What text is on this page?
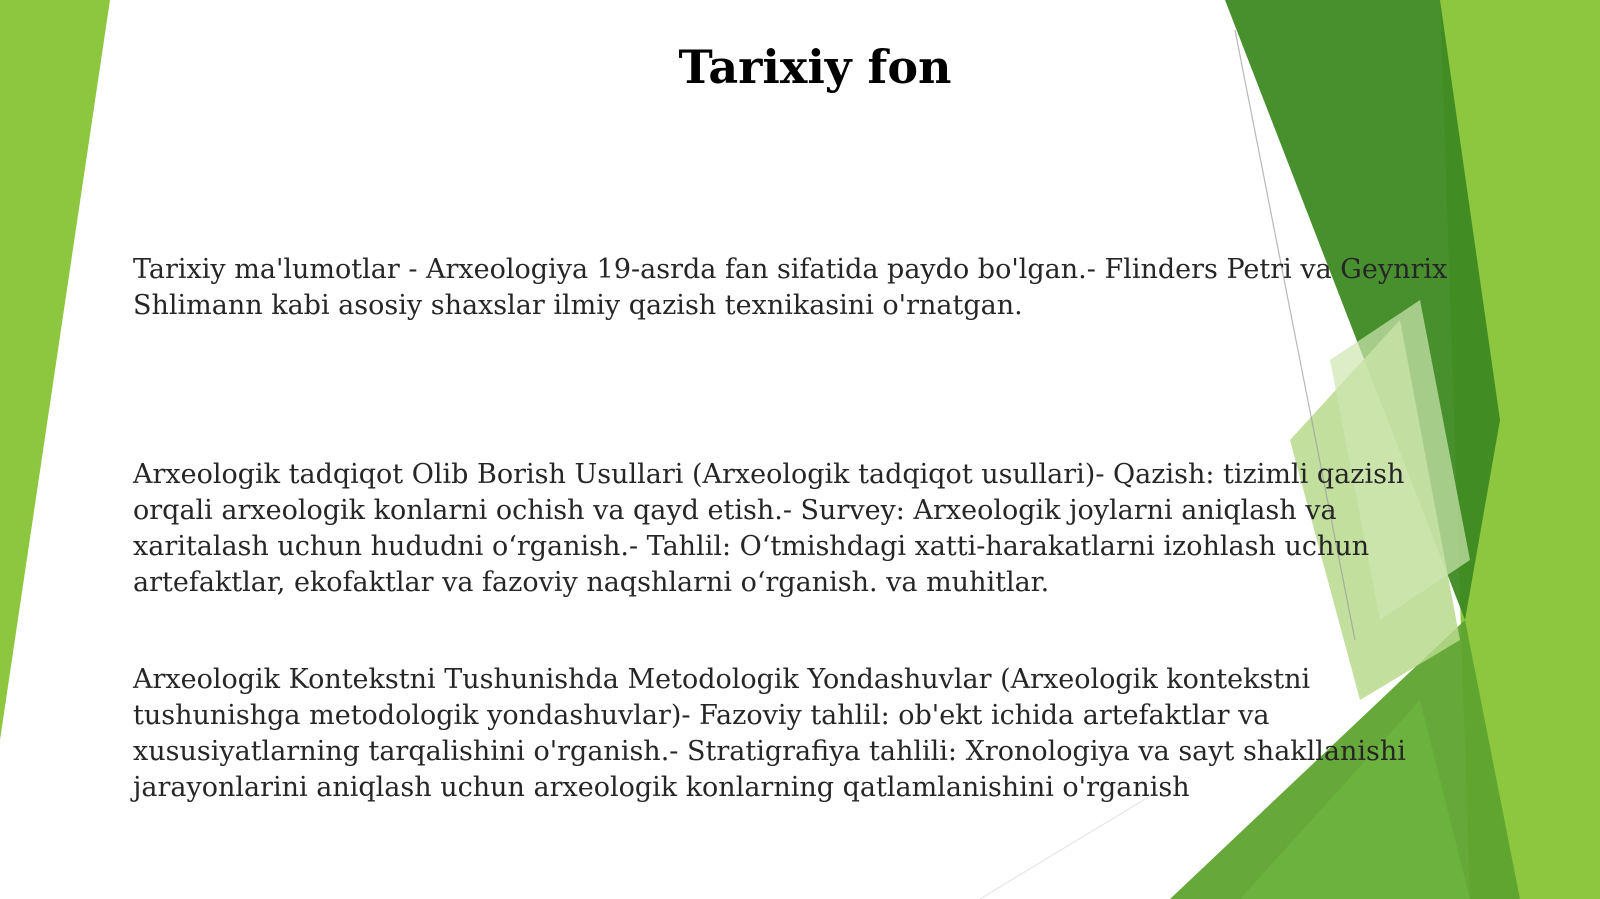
Tarixiy fon

Tarixiy ma'lumotlar - Arxeologiya 19-asrda fan sifatida paydo bo'lgan.- Flinders Petri va Geynrix Shlimann kabi asosiy shaxslar ilmiy qazish texnikasini o'rnatgan.

Arxeologik tadqiqot Olib Borish Usullari (Arxeologik tadqiqot usullari)- Qazish: tizimli qazish orqali arxeologik konlarni ochish va qayd etish.- Survey: Arxeologik joylarni aniqlash va xaritalash uchun hududni o‘rganish.- Tahlil: O‘tmishdagi xatti-harakatlarni izohlash uchun artefaktlar, ekofaktlar va fazoviy naqshlarni o‘rganish. va muhitlar.

Arxeologik Kontekstni Tushunishda Metodologik Yondashuvlar (Arxeologik kontekstni tushunishga metodologik yondashuvlar)- Fazoviy tahlil: ob'ekt ichida artefaktlar va xususiyatlarning tarqalishini o'rganish.- Stratigrafiya tahlili: Xronologiya va sayt shakllanishi jarayonlarini aniqlash uchun arxeologik konlarning qatlamlanishini o'rganish
